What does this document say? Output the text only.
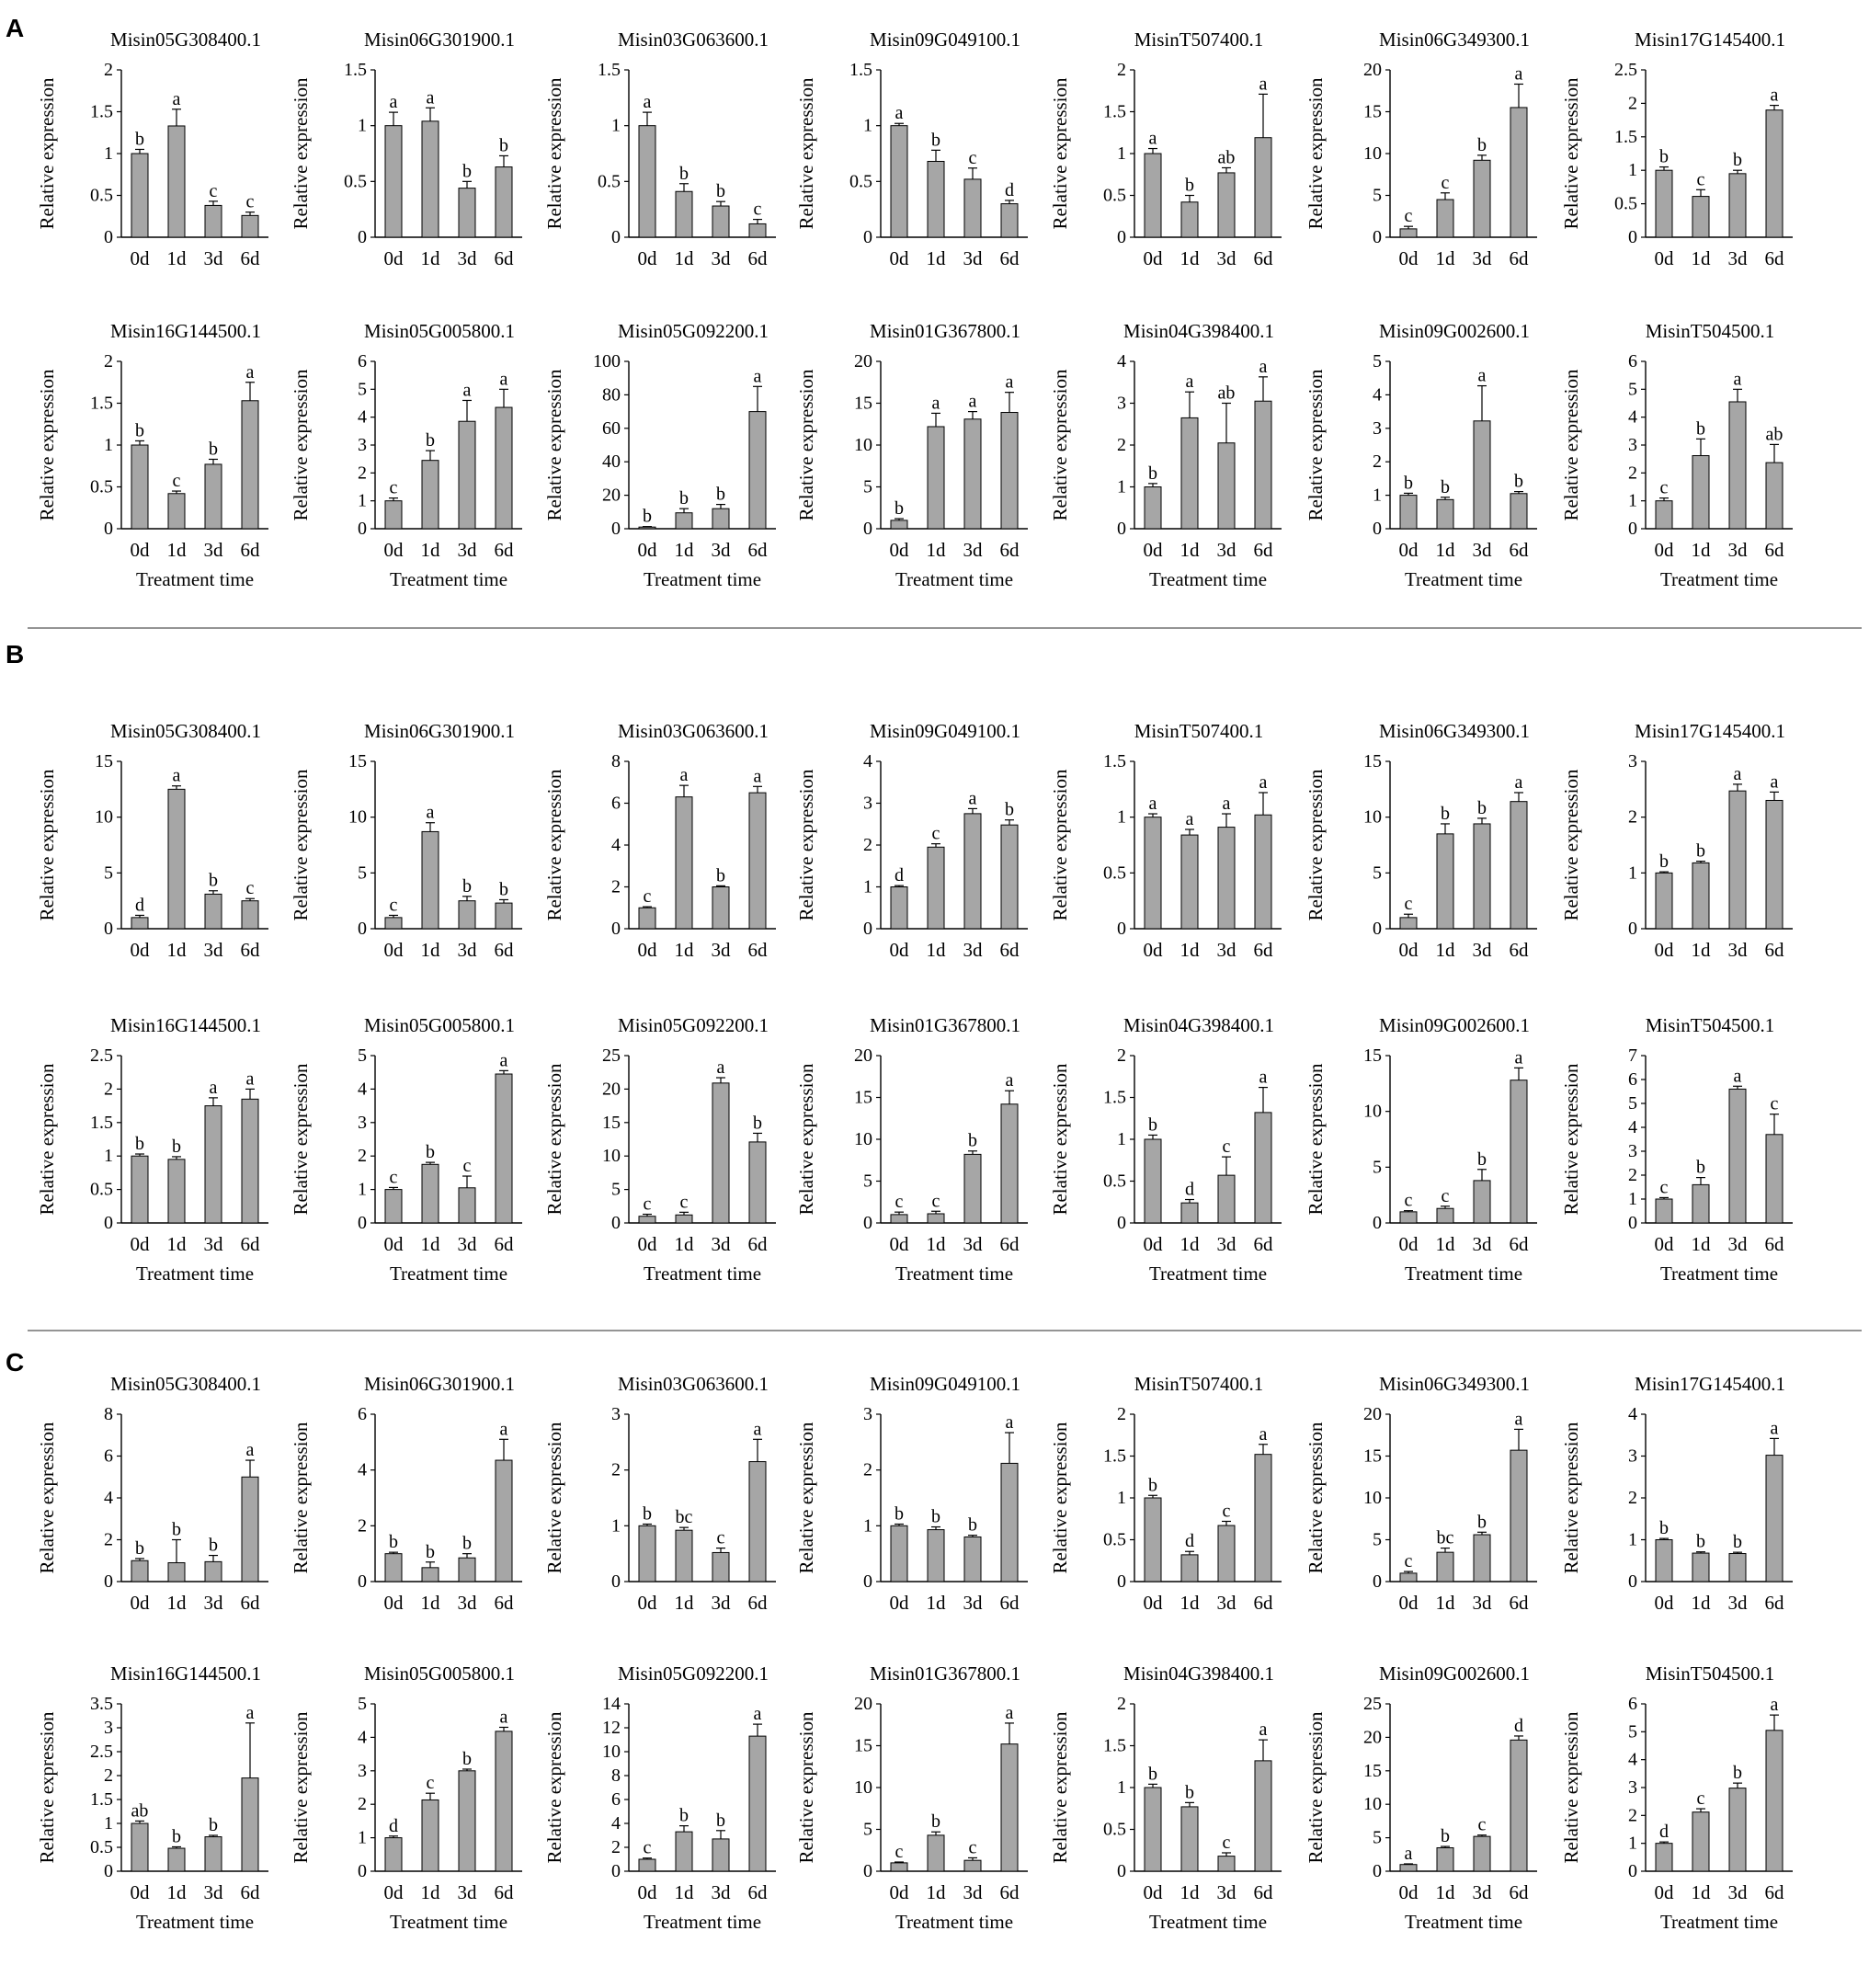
A	Misin05G308400.1
Relative expression
0
0.5
1
1.5
2
b
0d
a
1d
c
3d
c
6d
Misin06G301900.1
Relative expression
0
0.5
1
1.5
a
0d
a
1d
b
3d
b
6d
Misin03G063600.1
Relative expression
0
0.5
1
1.5
a
0d
b
1d
b
3d
c
6d
Misin09G049100.1
Relative expression
0
0.5
1
1.5
a
0d
b
1d
c
3d
d
6d
MisinT507400.1
Relative expression
0
0.5
1
1.5
2
a
0d
b
1d
ab
3d
a
6d
Misin06G349300.1
Relative expression
0
5
10
15
20
c
0d
c
1d
b
3d
a
6d
Misin17G145400.1
Relative expression
0
0.5
1
1.5
2
2.5
b
0d
c
1d
b
3d
a
6d
Misin16G144500.1
Relative expression
0
0.5
1
1.5
2
b
0d
c
1d
b
3d
a
6d
Treatment time
Misin05G005800.1
Relative expression
0
1
2
3
4
5
6
c
0d
b
1d
a
3d
a
6d
Treatment time
Misin05G092200.1
Relative expression
0
20
40
60
80
100
b
0d
b
1d
b
3d
a
6d
Treatment time
Misin01G367800.1
Relative expression
0
5
10
15
20
b
0d
a
1d
a
3d
a
6d
Treatment time
Misin04G398400.1
Relative expression
0
1
2
3
4
b
0d
a
1d
ab
3d
a
6d
Treatment time
Misin09G002600.1
Relative expression
0
1
2
3
4
5
b
0d
b
1d
a
3d
b
6d
Treatment time
MisinT504500.1
Relative expression
0
1
2
3
4
5
6
c
0d
b
1d
a
3d
ab
6d
Treatment time
B
Misin05G308400.1
Relative expression
0
5
10
15
d
0d
a
1d
b
3d
c
6d
Misin06G301900.1
Relative expression
0
5
10
15
c
0d
a
1d
b
3d
b
6d
Misin03G063600.1
Relative expression
0
2
4
6
8
c
0d
a
1d
b
3d
a
6d
Misin09G049100.1
Relative expression
0
1
2
3
4
d
0d
c
1d
a
3d
b
6d
MisinT507400.1
Relative expression
0
0.5
1
1.5
a
0d
a
1d
a
3d
a
6d
Misin06G349300.1
Relative expression
0
5
10
15
c
0d
b
1d
b
3d
a
6d
Misin17G145400.1
Relative expression
0
1
2
3
b
0d
b
1d
a
3d
a
6d
Misin16G144500.1
Relative expression
0
0.5
1
1.5
2
2.5
b
0d
b
1d
a
3d
a
6d
Treatment time
Misin05G005800.1
Relative expression
0
1
2
3
4
5
c
0d
b
1d
c
3d
a
6d
Treatment time
Misin05G092200.1
Relative expression
0
5
10
15
20
25
c
0d
c
1d
a
3d
b
6d
Treatment time
Misin01G367800.1
Relative expression
0
5
10
15
20
c
0d
c
1d
b
3d
a
6d
Treatment time
Misin04G398400.1
Relative expression
0
0.5
1
1.5
2
b
0d
d
1d
c
3d
a
6d
Treatment time
Misin09G002600.1
Relative expression
0
5
10
15
c
0d
c
1d
b
3d
a
6d
Treatment time
MisinT504500.1
Relative expression
0
1
2
3
4
5
6
7
c
0d
b
1d
a
3d
c
6d
Treatment time
C
Misin05G308400.1
Relative expression
0
2
4
6
8
b
0d
b
1d
b
3d
a
6d
Misin06G301900.1
Relative expression
0
2
4
6
b
0d
b
1d
b
3d
a
6d
Misin03G063600.1
Relative expression
0
1
2
3
b
0d
bc
1d
c
3d
a
6d
Misin09G049100.1
Relative expression
0
1
2
3
b
0d
b
1d
b
3d
a
6d
MisinT507400.1
Relative expression
0
0.5
1
1.5
2
b
0d
d
1d
c
3d
a
6d
Misin06G349300.1
Relative expression
0
5
10
15
20
c
0d
bc
1d
b
3d
a
6d
Misin17G145400.1
Relative expression
0
1
2
3
4
b
0d
b
1d
b
3d
a
6d
Misin16G144500.1
Relative expression
0
0.5
1
1.5
2
2.5
3
3.5
ab
0d
b
1d
b
3d
a
6d
Treatment time
Misin05G005800.1
Relative expression
0
1
2
3
4
5
d
0d
c
1d
b
3d
a
6d
Treatment time
Misin05G092200.1
Relative expression
0
2
4
6
8
10
12
14
c
0d
b
1d
b
3d
a
6d
Treatment time
Misin01G367800.1
Relative expression
0
5
10
15
20
c
0d
b
1d
c
3d
a
6d
Treatment time
Misin04G398400.1
Relative expression
0
0.5
1
1.5
2
b
0d
b
1d
c
3d
a
6d
Treatment time
Misin09G002600.1
Relative expression
0
5
10
15
20
25
a
0d
b
1d
c
3d
d
6d
Treatment time
MisinT504500.1
Relative expression
0
1
2
3
4
5
6
d
0d
c
1d
b
3d
a
6d
Treatment time
